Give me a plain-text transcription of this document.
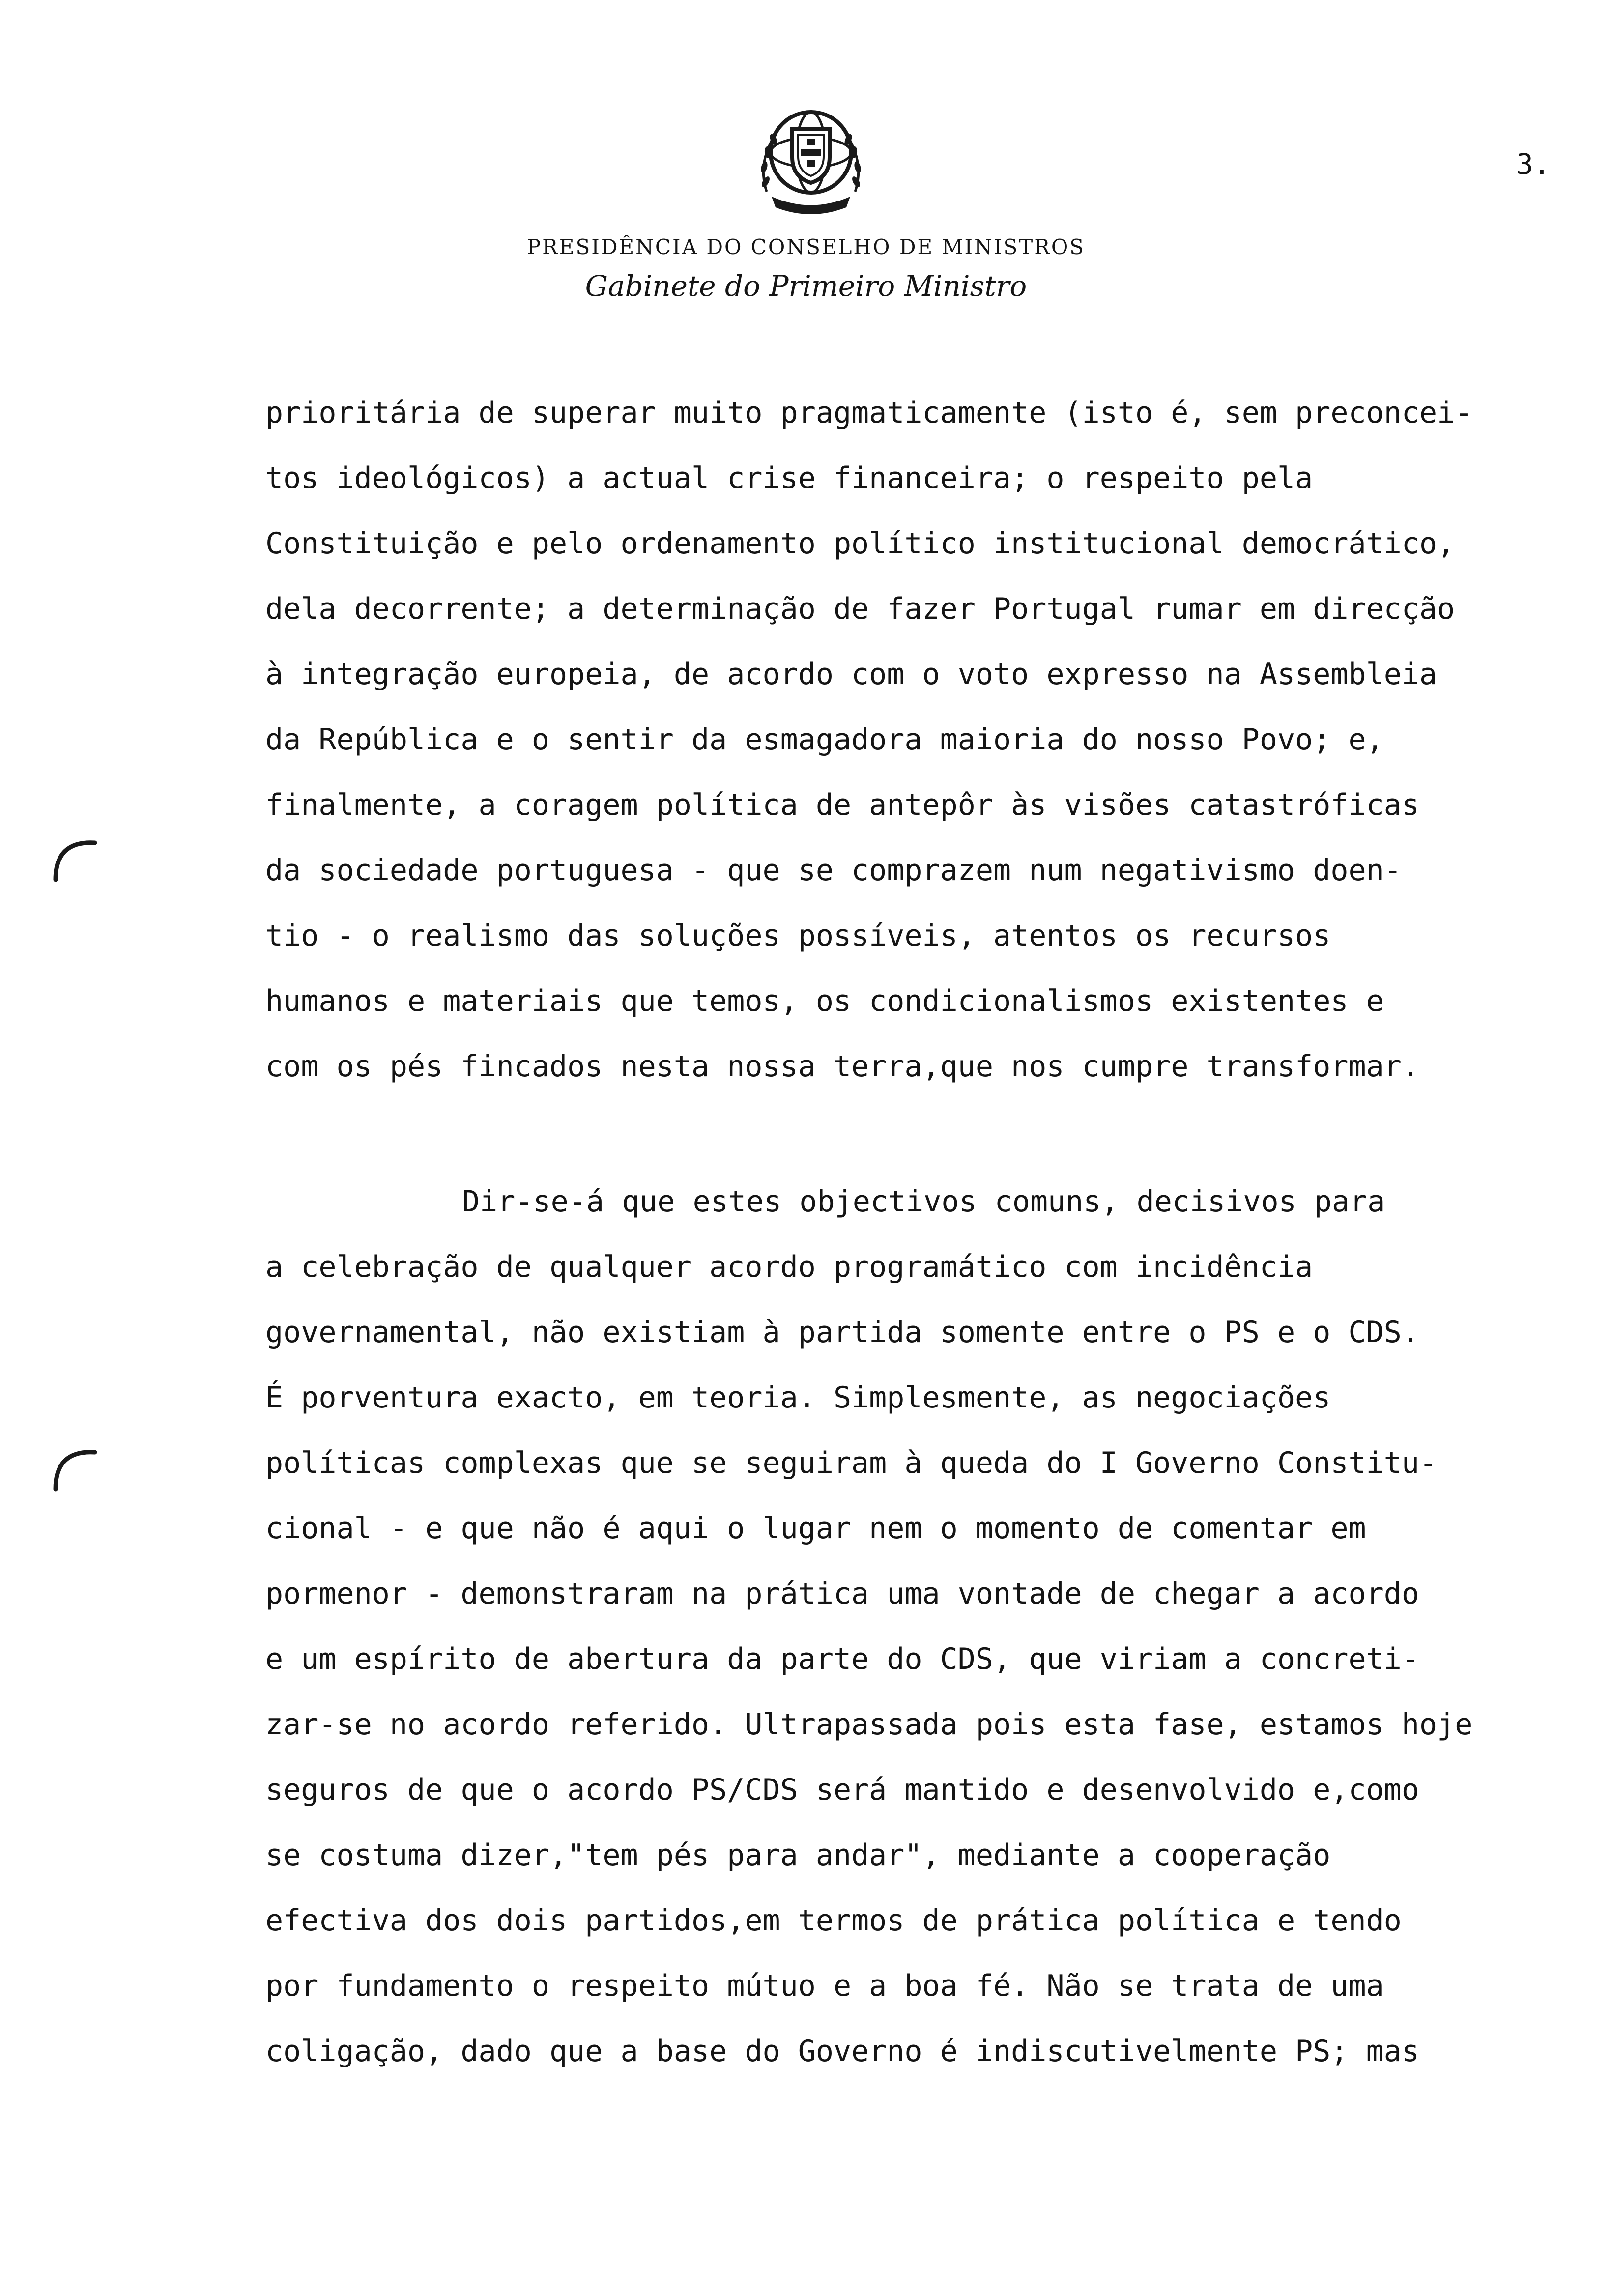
3.
PRESIDÊNCIA DO CONSELHO DE MINISTROS
Gabinete do Primeiro Ministro
prioritária de superar muito pragmaticamente (isto é, sem preconcei-
tos ideológicos) a actual crise financeira; o respeito pela
Constituição e pelo ordenamento político institucional democrático,
dela decorrente; a determinação de fazer Portugal rumar em direcção
à integração europeia, de acordo com o voto expresso na Assembleia
da República e o sentir da esmagadora maioria do nosso Povo; e,
finalmente, a coragem política de antepôr às visões catastróficas
da sociedade portuguesa - que se comprazem num negativismo doen-
tio - o realismo das soluções possíveis, atentos os recursos
humanos e materiais que temos, os condicionalismos existentes e
com os pés fincados nesta nossa terra,que nos cumpre transformar.
Dir-se-á que estes objectivos comuns, decisivos para
a celebração de qualquer acordo programático com incidência
governamental, não existiam à partida somente entre o PS e o CDS.
É porventura exacto, em teoria. Simplesmente, as negociações
políticas complexas que se seguiram à queda do I Governo Constitu-
cional - e que não é aqui o lugar nem o momento de comentar em
pormenor - demonstraram na prática uma vontade de chegar a acordo
e um espírito de abertura da parte do CDS, que viriam a concreti-
zar-se no acordo referido. Ultrapassada pois esta fase, estamos hoje
seguros de que o acordo PS/CDS será mantido e desenvolvido e,como
se costuma dizer,"tem pés para andar", mediante a cooperação
efectiva dos dois partidos,em termos de prática política e tendo
por fundamento o respeito mútuo e a boa fé. Não se trata de uma
coligação, dado que a base do Governo é indiscutivelmente PS; mas
